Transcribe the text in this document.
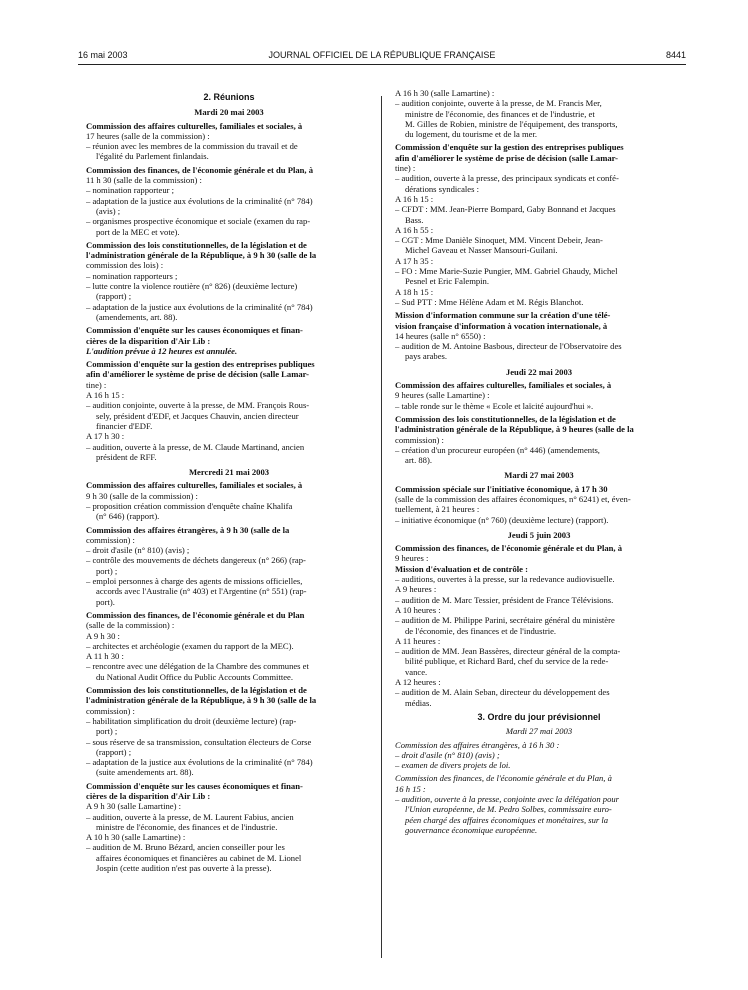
16 mai 2003	JOURNAL OFFICIEL DE LA RÉPUBLIQUE FRANÇAISE	8441
2. Réunions
Mardi 20 mai 2003
Commission des affaires culturelles, familiales et sociales, à
17 heures (salle de la commission) :
– réunion avec les membres de la commission du travail et de
l'égalité du Parlement finlandais.
Commission des finances, de l'économie générale et du Plan, à
11 h 30 (salle de la commission) :
– nomination rapporteur ;
– adaptation de la justice aux évolutions de la criminalité (n° 784)
(avis) ;
– organismes prospective économique et sociale (examen du rap-
port de la MEC et vote).
Commission des lois constitutionnelles, de la législation et de
l'administration générale de la République, à 9 h 30 (salle de la
commission des lois) :
– nomination rapporteurs ;
– lutte contre la violence routière (n° 826) (deuxième lecture)
(rapport) ;
– adaptation de la justice aux évolutions de la criminalité (n° 784)
(amendements, art. 88).
Commission d'enquête sur les causes économiques et finan-
cières de la disparition d'Air Lib :
L'audition prévue à 12 heures est annulée.
Commission d'enquête sur la gestion des entreprises publiques
afin d'améliorer le système de prise de décision (salle Lamar-
tine) :
A 16 h 15 :
– audition conjointe, ouverte à la presse, de MM. François Rous-
sely, président d'EDF, et Jacques Chauvin, ancien directeur
financier d'EDF.
A 17 h 30 :
– audition, ouverte à la presse, de M. Claude Martinand, ancien
président de RFF.
Mercredi 21 mai 2003
Commission des affaires culturelles, familiales et sociales, à
9 h 30 (salle de la commission) :
– proposition création commission d'enquête chaîne Khalifa
(n° 646) (rapport).
Commission des affaires étrangères, à 9 h 30 (salle de la
commission) :
– droit d'asile (n° 810) (avis) ;
– contrôle des mouvements de déchets dangereux (n° 266) (rap-
port) ;
– emploi personnes à charge des agents de missions officielles,
accords avec l'Australie (n° 403) et l'Argentine (n° 551) (rap-
port).
Commission des finances, de l'économie générale et du Plan
(salle de la commission) :
A 9 h 30 :
– architectes et archéologie (examen du rapport de la MEC).
A 11 h 30 :
– rencontre avec une délégation de la Chambre des communes et
du National Audit Office du Public Accounts Committee.
Commission des lois constitutionnelles, de la législation et de
l'administration générale de la République, à 9 h 30 (salle de la
commission) :
– habilitation simplification du droit (deuxième lecture) (rap-
port) ;
– sous réserve de sa transmission, consultation électeurs de Corse
(rapport) ;
– adaptation de la justice aux évolutions de la criminalité (n° 784)
(suite amendements art. 88).
Commission d'enquête sur les causes économiques et finan-
cières de la disparition d'Air Lib :
A 9 h 30 (salle Lamartine) :
– audition, ouverte à la presse, de M. Laurent Fabius, ancien
ministre de l'économie, des finances et de l'industrie.
A 10 h 30 (salle Lamartine) :
– audition de M. Bruno Bézard, ancien conseiller pour les
affaires économiques et financières au cabinet de M. Lionel
Jospin (cette audition n'est pas ouverte à la presse).
A 16 h 30 (salle Lamartine) :
– audition conjointe, ouverte à la presse, de M. Francis Mer,
ministre de l'économie, des finances et de l'industrie, et
M. Gilles de Robien, ministre de l'équipement, des transports,
du logement, du tourisme et de la mer.
Commission d'enquête sur la gestion des entreprises publiques
afin d'améliorer le système de prise de décision (salle Lamar-
tine) :
– audition, ouverte à la presse, des principaux syndicats et confé-
dérations syndicales :
A 16 h 15 :
– CFDT : MM. Jean-Pierre Bompard, Gaby Bonnand et Jacques
Bass.
A 16 h 55 :
– CGT : Mme Danièle Sinoquet, MM. Vincent Debeir, Jean-
Michel Gaveau et Nasser Mansouri-Guilani.
A 17 h 35 :
– FO : Mme Marie-Suzie Pungier, MM. Gabriel Ghaudy, Michel
Pesnel et Eric Falempin.
A 18 h 15 :
– Sud PTT : Mme Hélène Adam et M. Régis Blanchot.
Mission d'information commune sur la création d'une télé-
vision française d'information à vocation internationale, à
14 heures (salle n° 6550) :
– audition de M. Antoine Basbous, directeur de l'Observatoire des
pays arabes.
Jeudi 22 mai 2003
Commission des affaires culturelles, familiales et sociales, à
9 heures (salle Lamartine) :
– table ronde sur le thème « Ecole et laïcité aujourd'hui ».
Commission des lois constitutionnelles, de la législation et de
l'administration générale de la République, à 9 heures (salle de la
commission) :
– création d'un procureur européen (n° 446) (amendements,
art. 88).
Mardi 27 mai 2003
Commission spéciale sur l'initiative économique, à 17 h 30
(salle de la commission des affaires économiques, n° 6241) et, éven-
tuellement, à 21 heures :
– initiative économique (n° 760) (deuxième lecture) (rapport).
Jeudi 5 juin 2003
Commission des finances, de l'économie générale et du Plan, à
9 heures :
Mission d'évaluation et de contrôle :
– auditions, ouvertes à la presse, sur la redevance audiovisuelle.
A 9 heures :
– audition de M. Marc Tessier, président de France Télévisions.
A 10 heures :
– audition de M. Philippe Parini, secrétaire général du ministère
de l'économie, des finances et de l'industrie.
A 11 heures :
– audition de MM. Jean Bassères, directeur général de la compta-
bilité publique, et Richard Bard, chef du service de la rede-
vance.
A 12 heures :
– audition de M. Alain Seban, directeur du développement des
médias.
3. Ordre du jour prévisionnel
Mardi 27 mai 2003
Commission des affaires étrangères, à 16 h 30 :
– droit d'asile (n° 810) (avis) ;
– examen de divers projets de loi.
Commission des finances, de l'économie générale et du Plan, à
16 h 15 :
– audition, ouverte à la presse, conjointe avec la délégation pour
l'Union européenne, de M. Pedro Solbes, commissaire euro-
péen chargé des affaires économiques et monétaires, sur la
gouvernance économique européenne.
